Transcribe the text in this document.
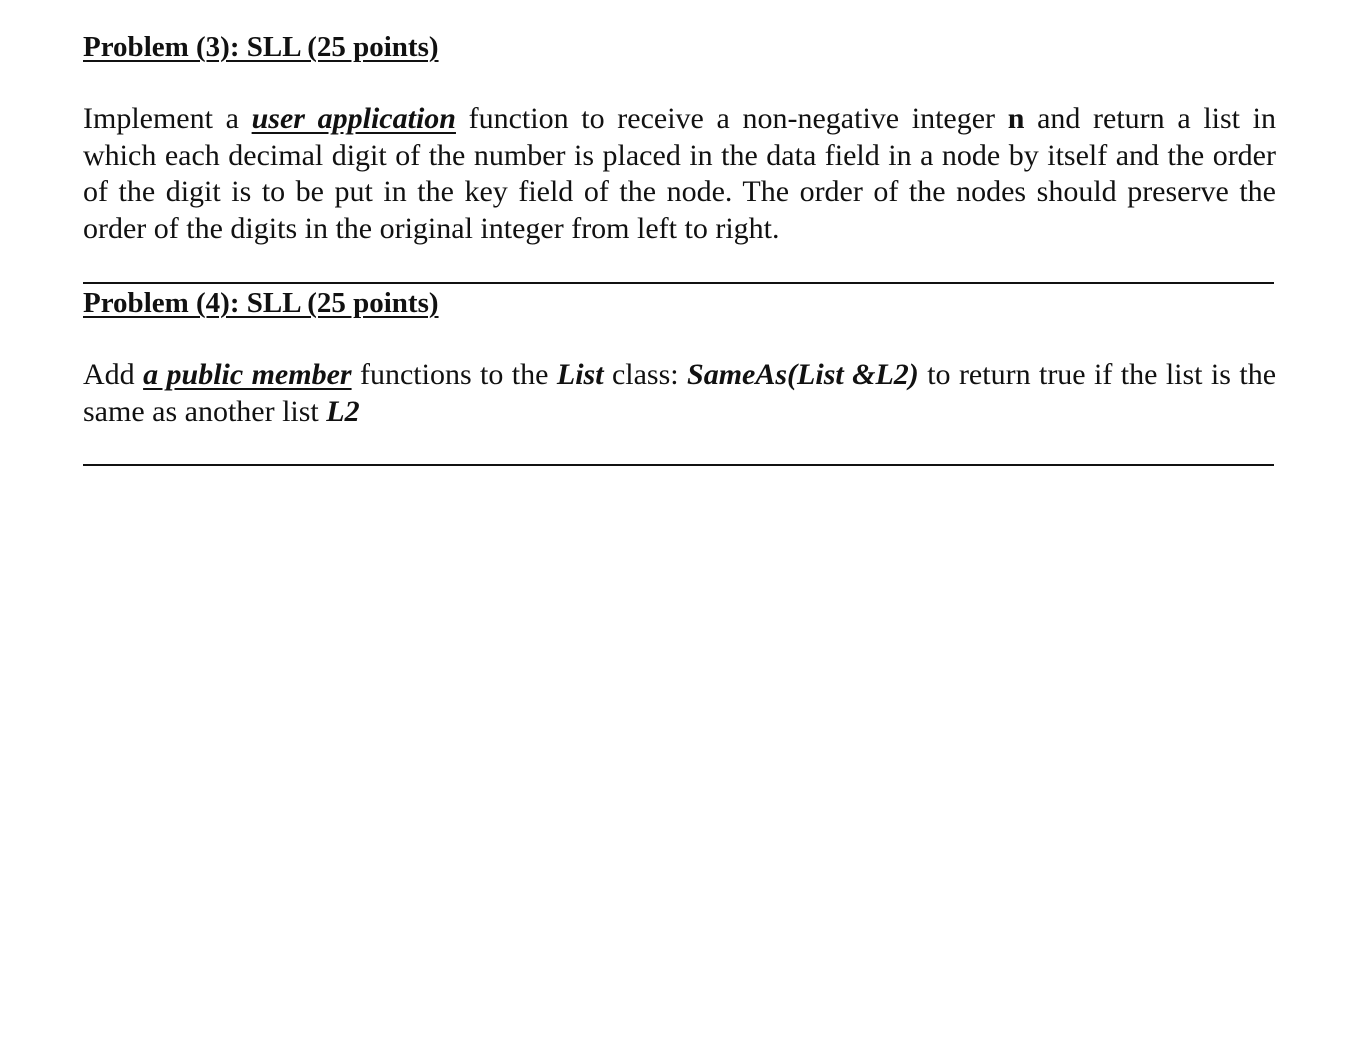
Problem (3): SLL (25 points)
Implement a user application function to receive a non-negative integer n and return a list in which each decimal digit of the number is placed in the data field in a node by itself and the order of the digit is to be put in the key field of the node. The order of the nodes should preserve the order of the digits in the original integer from left to right.
Problem (4): SLL (25 points)
Add a public member functions to the List class: SameAs(List &L2) to return true if the list is the same as another list L2
